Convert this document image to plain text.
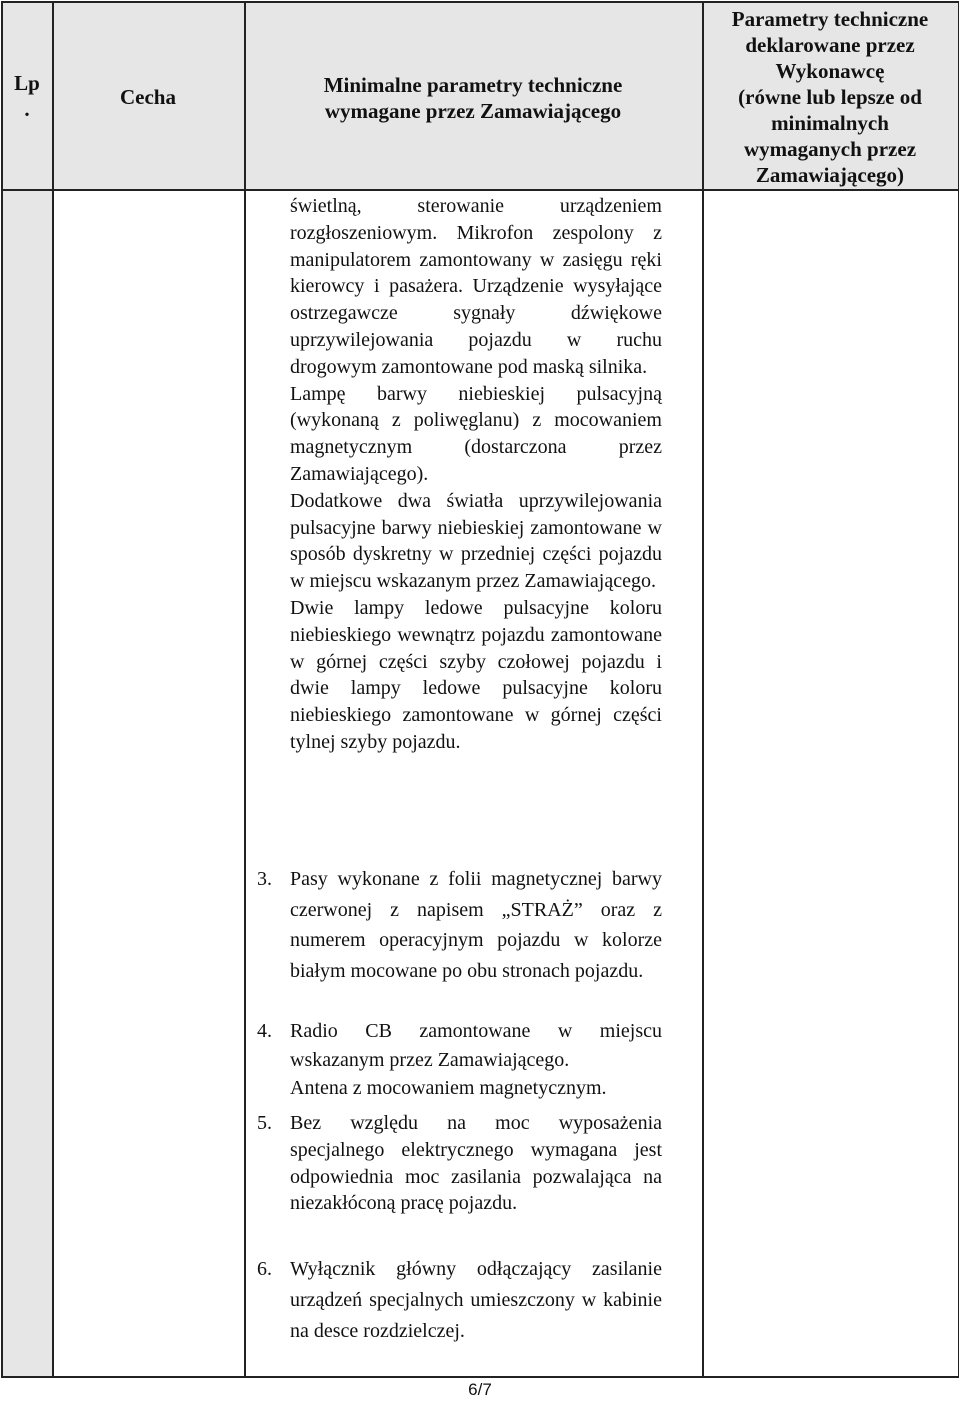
Lp
.	Cecha	Minimalne parametry techniczne
wymagane przez Zamawiającego
Parametry techniczne
deklarowane przez
Wykonawcę
(równe lub lepsze od
minimalnych
wymaganych przez
Zamawiającego)

świetlną, sterowanie urządzeniem rozgłoszeniowym. Mikrofon zespolony z manipulatorem zamontowany w zasięgu ręki kierowcy i pasażera. Urządzenie wysyłające ostrzegawcze sygnały dźwiękowe uprzywilejowania pojazdu w ruchu drogowym zamontowane pod maską silnika.

Lampę barwy niebieskiej pulsacyjną (wykonaną z poliwęglanu) z mocowaniem magnetycznym (dostarczona przez Zamawiającego).

Dodatkowe dwa światła uprzywilejowania pulsacyjne barwy niebieskiej zamontowane w sposób dyskretny w przedniej części pojazdu w miejscu wskazanym przez Zamawiającego.

Dwie lampy ledowe pulsacyjne koloru niebieskiego wewnątrz pojazdu zamontowane w górnej części szyby czołowej pojazdu i dwie lampy ledowe pulsacyjne koloru niebieskiego zamontowane w górnej części tylnej szyby pojazdu.

3. Pasy wykonane z folii magnetycznej barwy czerwonej z napisem „STRAŻ” oraz z numerem operacyjnym pojazdu w kolorze białym mocowane po obu stronach pojazdu.

4. Radio CB zamontowane w miejscu wskazanym przez Zamawiającego.

Antena z mocowaniem magnetycznym.

5. Bez względu na moc wyposażenia specjalnego elektrycznego wymagana jest odpowiednia moc zasilania pozwalająca na niezakłóconą pracę pojazdu.

6. Wyłącznik główny odłączający zasilanie urządzeń specjalnych umieszczony w kabinie na desce rozdzielczej.

6/7
